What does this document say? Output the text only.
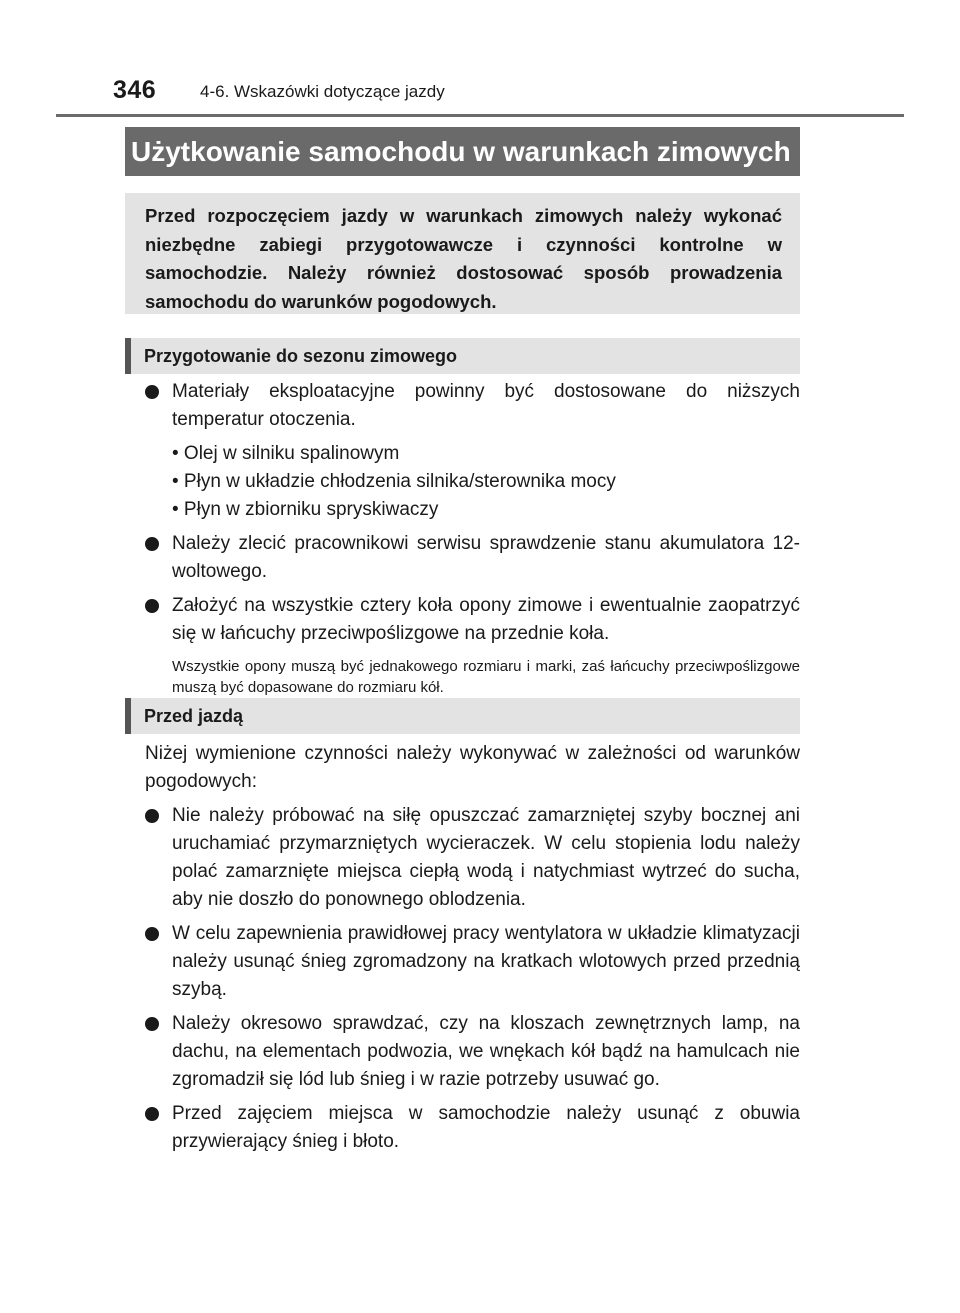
346	4-6. Wskazówki dotyczące jazdy
Użytkowanie samochodu w warunkach zimowych
Przed rozpoczęciem jazdy w warunkach zimowych należy wykonać niezbędne zabiegi przygotowawcze i czynności kontrolne w samochodzie. Należy również dostosować sposób prowadzenia samochodu do warunków pogodowych.
Przygotowanie do sezonu zimowego
Materiały eksploatacyjne powinny być dostosowane do niższych temperatur otoczenia.
• Olej w silniku spalinowym
• Płyn w układzie chłodzenia silnika/sterownika mocy
• Płyn w zbiorniku spryskiwaczy
Należy zlecić pracownikowi serwisu sprawdzenie stanu akumulatora 12-woltowego.
Założyć na wszystkie cztery koła opony zimowe i ewentualnie zaopatrzyć się w łańcuchy przeciwpoślizgowe na przednie koła.
Wszystkie opony muszą być jednakowego rozmiaru i marki, zaś łańcuchy przeciwpoślizgowe muszą być dopasowane do rozmiaru kół.
Przed jazdą
Niżej wymienione czynności należy wykonywać w zależności od warunków pogodowych:
Nie należy próbować na siłę opuszczać zamarzniętej szyby bocznej ani uruchamiać przymarzniętych wycieraczek. W celu stopienia lodu należy polać zamarznięte miejsca ciepłą wodą i natychmiast wytrzeć do sucha, aby nie doszło do ponownego oblodzenia.
W celu zapewnienia prawidłowej pracy wentylatora w układzie klimatyzacji należy usunąć śnieg zgromadzony na kratkach wlotowych przed przednią szybą.
Należy okresowo sprawdzać, czy na kloszach zewnętrznych lamp, na dachu, na elementach podwozia, we wnękach kół bądź na hamulcach nie zgromadził się lód lub śnieg i w razie potrzeby usuwać go.
Przed zajęciem miejsca w samochodzie należy usunąć z obuwia przywierający śnieg i błoto.
